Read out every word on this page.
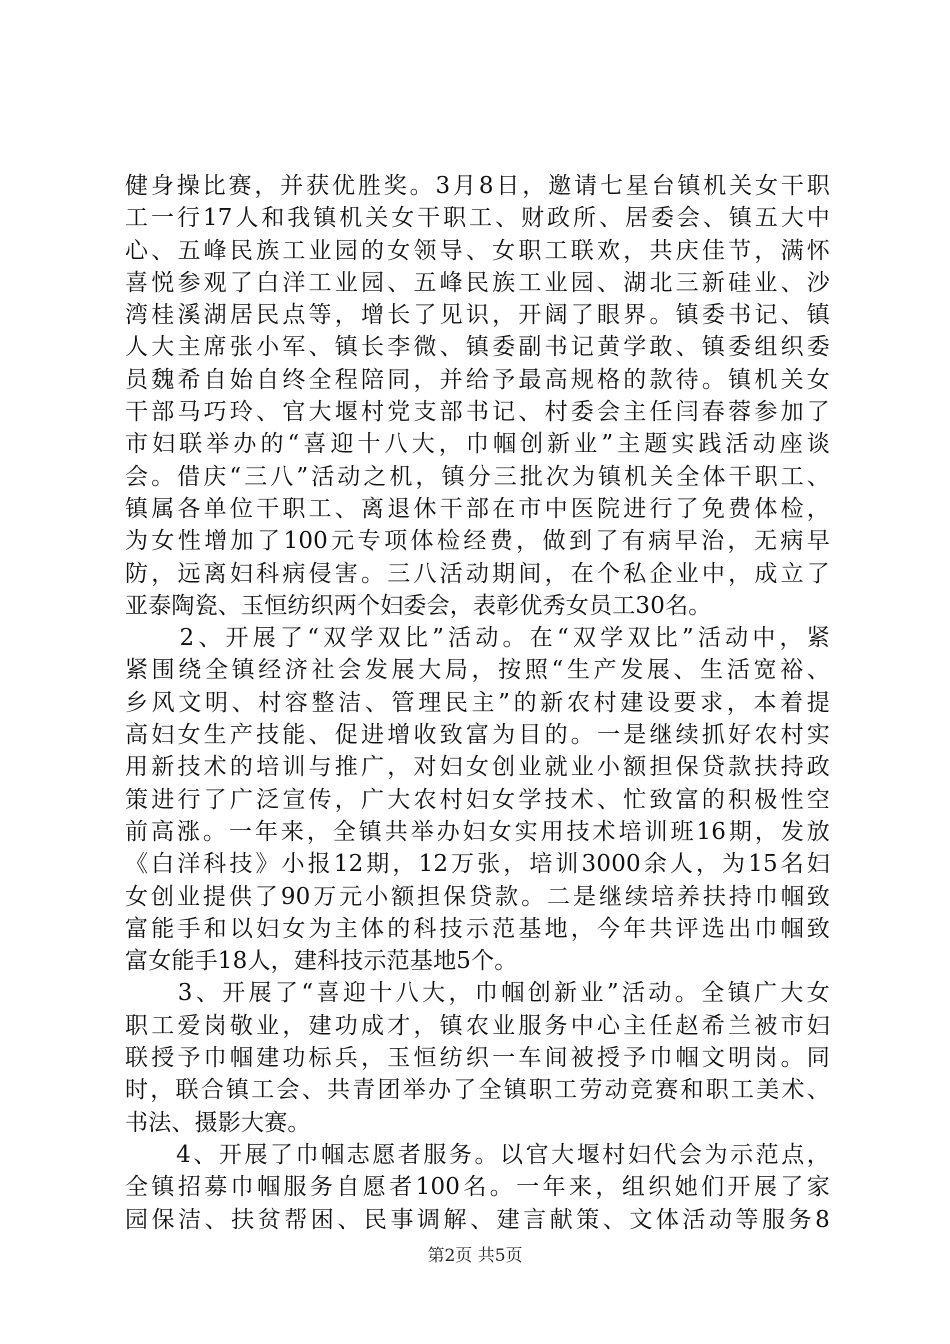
健身操比赛，并获优胜奖。3月8日，邀请七星台镇机关女干职
工一行17人和我镇机关女干职工、财政所、居委会、镇五大中
心、五峰民族工业园的女领导、女职工联欢，共庆佳节，满怀
喜悦参观了白洋工业园、五峰民族工业园、湖北三新硅业、沙
湾桂溪湖居民点等，增长了见识，开阔了眼界。镇委书记、镇
人大主席张小军、镇长李微、镇委副书记黄学敢、镇委组织委
员魏希自始自终全程陪同，并给予最高规格的款待。镇机关女
干部马巧玲、官大堰村党支部书记、村委会主任闫春蓉参加了
市妇联举办的“喜迎十八大，巾帼创新业”主题实践活动座谈
会。借庆“三八”活动之机，镇分三批次为镇机关全体干职工、
镇属各单位干职工、离退休干部在市中医院进行了免费体检，
为女性增加了100元专项体检经费，做到了有病早治，无病早
防，远离妇科病侵害。三八活动期间，在个私企业中，成立了
亚泰陶瓷、玉恒纺织两个妇委会，表彰优秀女员工30名。
　　2、开展了“双学双比”活动。在“双学双比”活动中，紧
紧围绕全镇经济社会发展大局，按照“生产发展、生活宽裕、
乡风文明、村容整洁、管理民主”的新农村建设要求，本着提
高妇女生产技能、促进增收致富为目的。一是继续抓好农村实
用新技术的培训与推广，对妇女创业就业小额担保贷款扶持政
策进行了广泛宣传，广大农村妇女学技术、忙致富的积极性空
前高涨。一年来，全镇共举办妇女实用技术培训班16期，发放
《白洋科技》小报12期，12万张，培训3000余人，为15名妇
女创业提供了90万元小额担保贷款。二是继续培养扶持巾帼致
富能手和以妇女为主体的科技示范基地，今年共评选出巾帼致
富女能手18人，建科技示范基地5个。
　　3、开展了“喜迎十八大，巾帼创新业”活动。全镇广大女
职工爱岗敬业，建功成才，镇农业服务中心主任赵希兰被市妇
联授予巾帼建功标兵，玉恒纺织一车间被授予巾帼文明岗。同
时，联合镇工会、共青团举办了全镇职工劳动竞赛和职工美术、
书法、摄影大赛。
　　4、开展了巾帼志愿者服务。以官大堰村妇代会为示范点，
全镇招募巾帼服务自愿者100名。一年来，组织她们开展了家
园保洁、扶贫帮困、民事调解、建言献策、文体活动等服务8
第2页 共5页
